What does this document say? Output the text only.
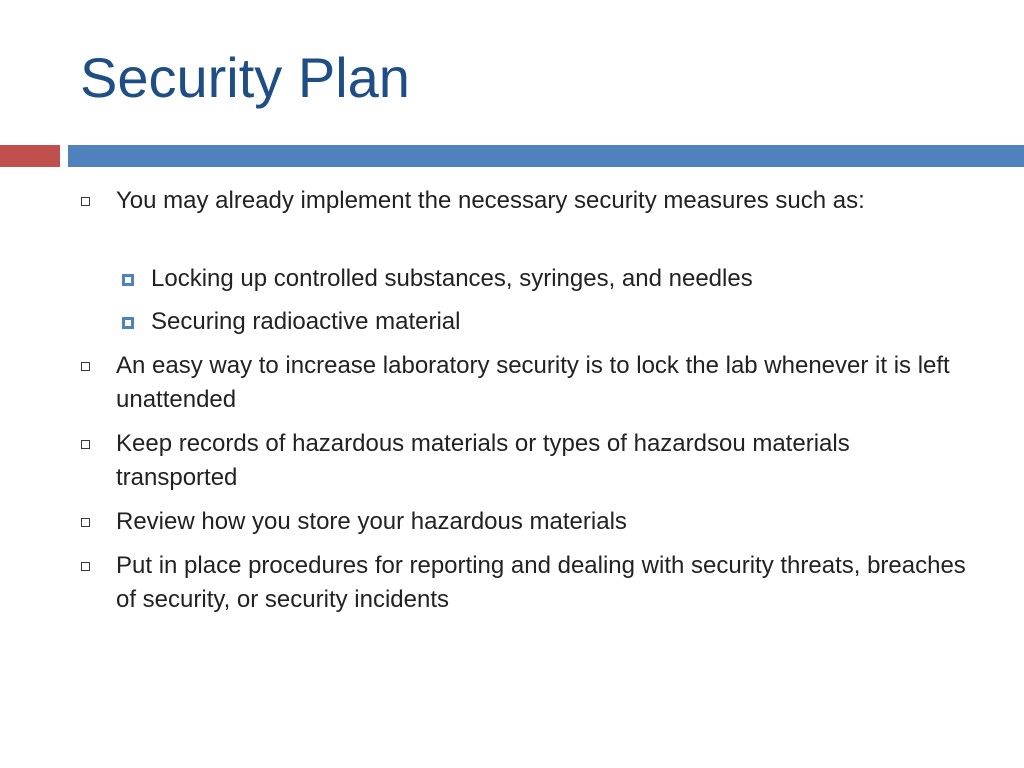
Security Plan
You may already implement the necessary security measures such as:
Locking up controlled substances, syringes, and needles
Securing radioactive material
An easy way to increase laboratory security is to lock the lab whenever it is left unattended
Keep records of hazardous materials or types of hazardsou materials transported
Review how you store your hazardous materials
Put in place procedures for reporting and dealing with security threats, breaches of security, or security incidents
